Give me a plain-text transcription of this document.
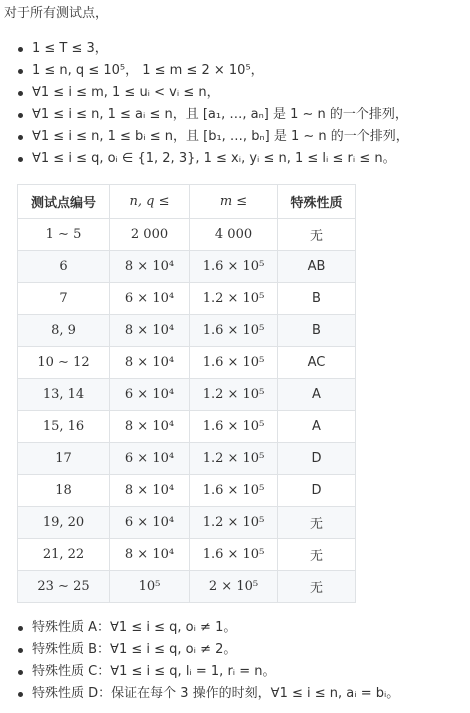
对于所有测试点，

1 ≤ T ≤ 3，
1 ≤ n, q ≤ 10⁵， 1 ≤ m ≤ 2 × 10⁵，
∀1 ≤ i ≤ m, 1 ≤ uᵢ < vᵢ ≤ n，
∀1 ≤ i ≤ n, 1 ≤ aᵢ ≤ n，且 [a₁, …, aₙ] 是 1 ∼ n 的一个排列，
∀1 ≤ i ≤ n, 1 ≤ bᵢ ≤ n，且 [b₁, …, bₙ] 是 1 ∼ n 的一个排列，
∀1 ≤ i ≤ q, oᵢ ∈ {1, 2, 3}, 1 ≤ xᵢ, yᵢ ≤ n, 1 ≤ lᵢ ≤ rᵢ ≤ n。
测试点编号	n, q ≤	m ≤	特殊性质
1 ∼ 5	2 000	4 000	无
6	8 × 10⁴	1.6 × 10⁵	AB
7	6 × 10⁴	1.2 × 10⁵	B
8, 9	8 × 10⁴	1.6 × 10⁵	B
10 ∼ 12	8 × 10⁴	1.6 × 10⁵	AC
13, 14	6 × 10⁴	1.2 × 10⁵	A
15, 16	8 × 10⁴	1.6 × 10⁵	A
17	6 × 10⁴	1.2 × 10⁵	D
18	8 × 10⁴	1.6 × 10⁵	D
19, 20	6 × 10⁴	1.2 × 10⁵	无
21, 22	8 × 10⁴	1.6 × 10⁵	无
23 ∼ 25	10⁵	2 × 10⁵	无
特殊性质 A：∀1 ≤ i ≤ q, oᵢ ≠ 1。
特殊性质 B：∀1 ≤ i ≤ q, oᵢ ≠ 2。
特殊性质 C：∀1 ≤ i ≤ q, lᵢ = 1, rᵢ = n。
特殊性质 D：保证在每个 3 操作的时刻，∀1 ≤ i ≤ n, aᵢ = bᵢ。
